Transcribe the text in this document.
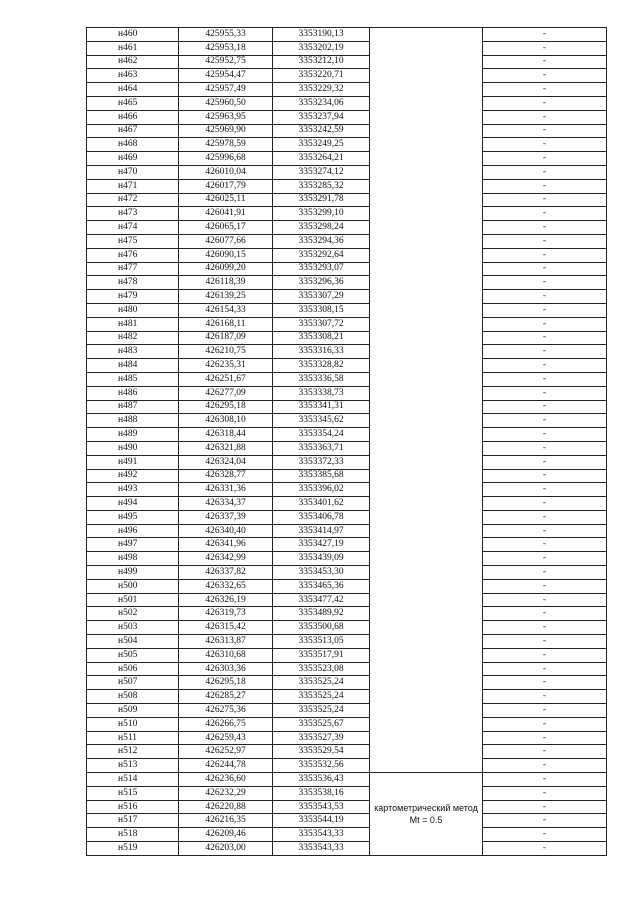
н460	425955,33	3353190,13		-
н461	425953,18	3353202,19		-
н462	425952,75	3353212,10		-
н463	425954,47	3353220,71		-
н464	425957,49	3353229,32		-
н465	425960,50	3353234,06		-
н466	425963,95	3353237,94		-
н467	425969,90	3353242,59		-
н468	425978,59	3353249,25		-
н469	425996,68	3353264,21		-
н470	426010,04	3353274,12		-
н471	426017,79	3353285,32		-
н472	426025,11	3353291,78		-
н473	426041,91	3353299,10		-
н474	426065,17	3353298,24		-
н475	426077,66	3353294,36		-
н476	426090,15	3353292,64		-
н477	426099,20	3353293,07		-
н478	426118,39	3353296,36		-
н479	426139,25	3353307,29		-
н480	426154,33	3353308,15		-
н481	426168,11	3353307,72		-
н482	426187,09	3353308,21		-
н483	426210,75	3353316,33		-
н484	426235,31	3353328,82		-
н485	426251,67	3353336,58		-
н486	426277,09	3353338,73		-
н487	426295,18	3353341,31		-
н488	426308,10	3353345,62		-
н489	426318,44	3353354,24		-
н490	426321,88	3353363,71		-
н491	426324,04	3353372,33		-
н492	426328,77	3353385,68		-
н493	426331,36	3353396,02		-
н494	426334,37	3353401,62		-
н495	426337,39	3353406,78		-
н496	426340,40	3353414,97		-
н497	426341,96	3353427,19		-
н498	426342,99	3353439,09		-
н499	426337,82	3353453,30		-
н500	426332,65	3353465,36		-
н501	426326,19	3353477,42		-
н502	426319,73	3353489,92		-
н503	426315,42	3353500,68		-
н504	426313,87	3353513,05		-
н505	426310,68	3353517,91		-
н506	426303,36	3353523,08		-
н507	426295,18	3353525,24		-
н508	426285,27	3353525,24		-
н509	426275,36	3353525,24		-
н510	426266,75	3353525,67		-
н511	426259,43	3353527,39		-
н512	426252,97	3353529,54		-
н513	426244,78	3353532,56		-
н514	426236,60	3353536,43	картометрический метод Mt = 0.5	-
н515	426232,29	3353538,16		-
н516	426220,88	3353543,53		-
н517	426216,35	3353544,19		-
н518	426209,46	3353543,33		-
н519	426203,00	3353543,33		-
